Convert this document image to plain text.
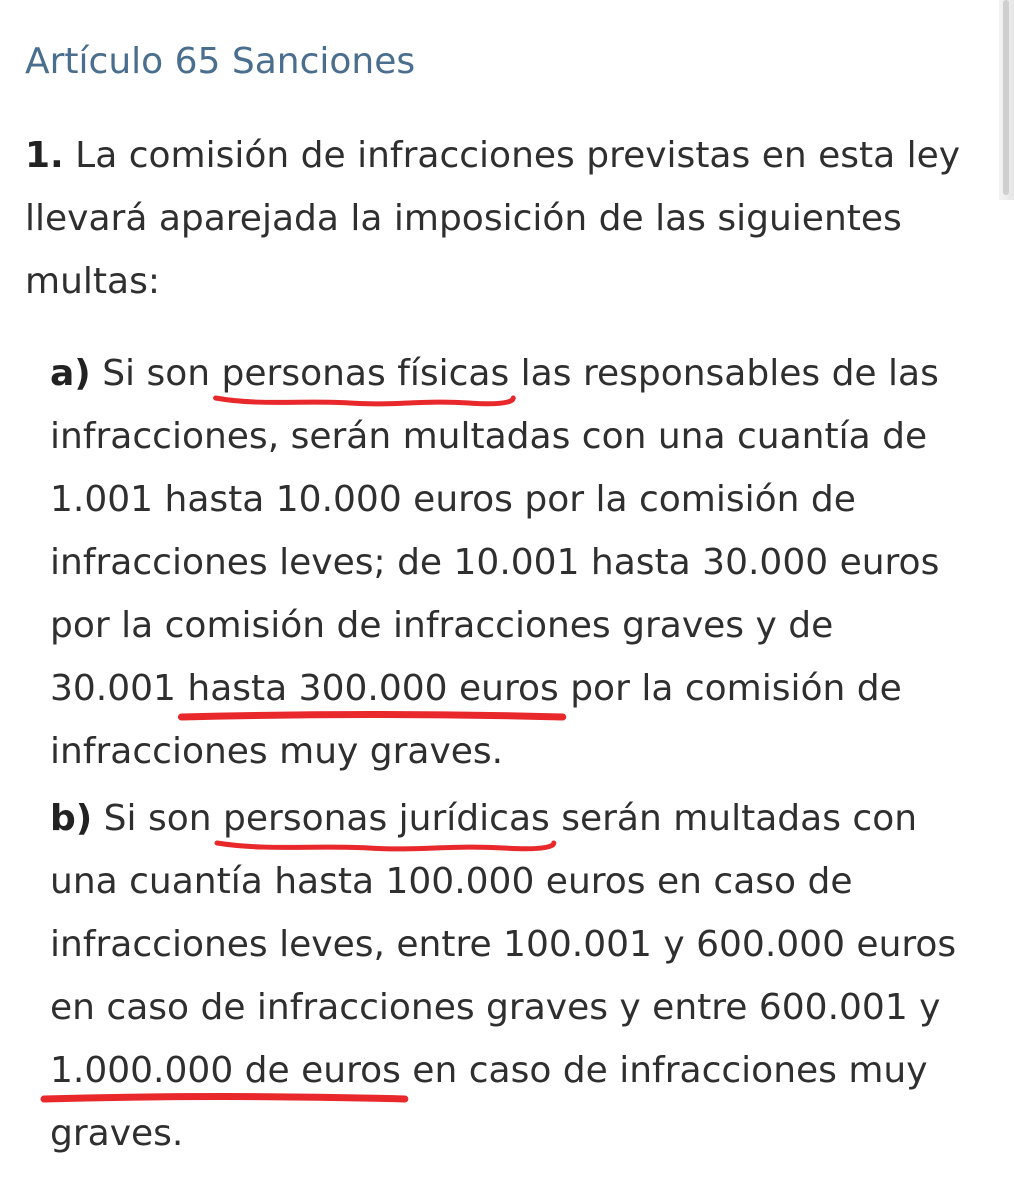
Artículo 65 Sanciones
1. La comisión de infracciones previstas en esta ley
llevará aparejada la imposición de las siguientes
multas:
a) Si son personas físicas las responsables de las
infracciones, serán multadas con una cuantía de
1.001 hasta 10.000 euros por la comisión de
infracciones leves; de 10.001 hasta 30.000 euros
por la comisión de infracciones graves y de
30.001 hasta 300.000 euros por la comisión de
infracciones muy graves.
b) Si son personas jurídicas serán multadas con
una cuantía hasta 100.000 euros en caso de
infracciones leves, entre 100.001 y 600.000 euros
en caso de infracciones graves y entre 600.001 y
1.000.000 de euros en caso de infracciones muy
graves.
